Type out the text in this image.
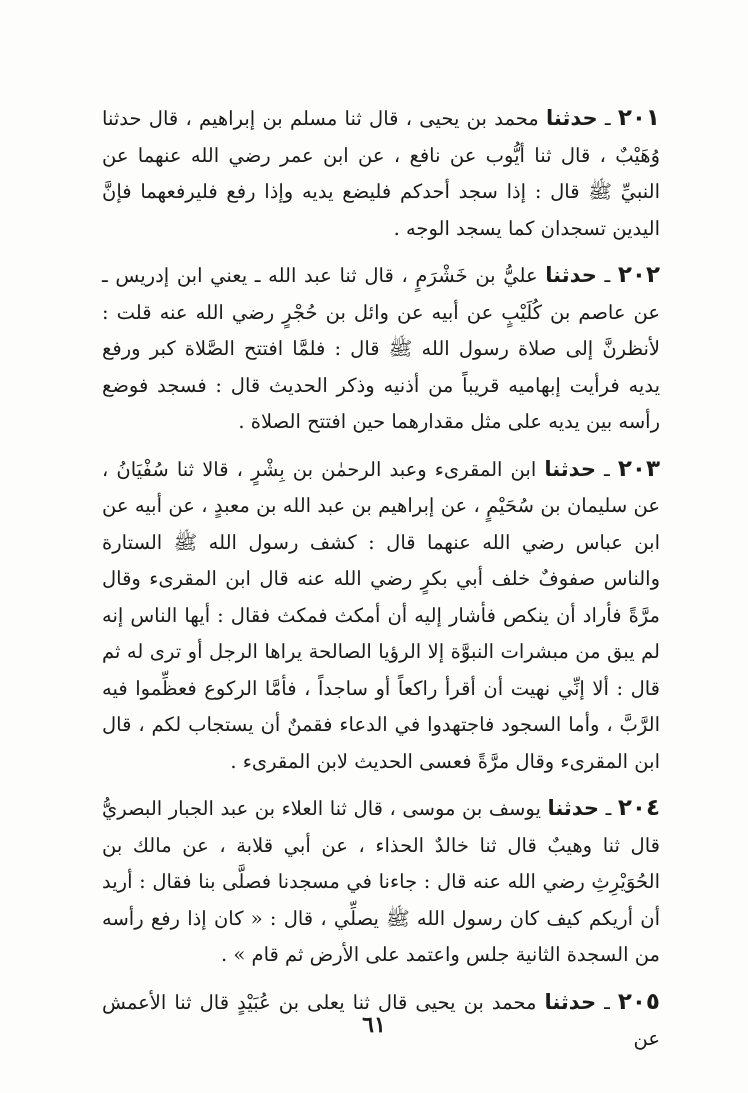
٢٠١ ـ حدثنا محمد بن يحيى ، قال ثنا مسلم بن إبراهيم ، قال حدثنا وُهَيْبٌ ، قال ثنا أيُّوب عن نافع ، عن ابن عمر رضي الله عنهما عن النبيِّ ﷺ قال : إذا سجد أحدكم فليضع يديه وإذا رفع فليرفعهما فإنَّ اليدين تسجدان كما يسجد الوجه .

٢٠٢ ـ حدثنا عليُّ بن خَشْرَمٍ ، قال ثنا عبد الله ـ يعني ابن إدريس ـ عن عاصم بن كُلَيْبٍ عن أبيه عن وائل بن حُجْرٍ رضي الله عنه قلت : لأنظرنَّ إلى صلاة رسول الله ﷺ قال : فلمَّا افتتح الصَّلاة كبر ورفع يديه فرأيت إبهاميه قريباً من أذنيه وذكر الحديث قال : فسجد فوضع رأسه بين يديه على مثل مقدارهما حين افتتح الصلاة .

٢٠٣ ـ حدثنا ابن المقرىء وعبد الرحمٰن بن بِشْرٍ ، قالا ثنا سُفْيَانُ ، عن سليمان بن سُحَيْمٍ ، عن إبراهيم بن عبد الله بن معبدٍ ، عن أبيه عن ابن عباس رضي الله عنهما قال : كشف رسول الله ﷺ الستارة والناس صفوفٌ خلف أبي بكرٍ رضي الله عنه قال ابن المقرىء وقال مرَّةً فأراد أن ينكص فأشار إليه أن أمكث فمكث فقال : أيها الناس إنه لم يبق من مبشرات النبوَّة إلا الرؤيا الصالحة يراها الرجل أو ترى له ثم قال : ألا إنِّي نهيت أن أقرأ راكعاً أو ساجداً ، فأمَّا الركوع فعظِّموا فيه الرَّبَّ ، وأما السجود فاجتهدوا في الدعاء فقمنٌ أن يستجاب لكم ، قال ابن المقرىء وقال مرَّةً فعسى الحديث لابن المقرىء .

٢٠٤ ـ حدثنا يوسف بن موسى ، قال ثنا العلاء بن عبد الجبار البصريُّ قال ثنا وهيبٌ قال ثنا خالدٌ الحذاء ، عن أبي قلابة ، عن مالك بن الحُوَيْرِثِ رضي الله عنه قال : جاءنا في مسجدنا فصلَّى بنا فقال : أريد أن أريكم كيف كان رسول الله ﷺ يصلِّي ، قال : « كان إذا رفع رأسه من السجدة الثانية جلس واعتمد على الأرض ثم قام » .

٢٠٥ ـ حدثنا محمد بن يحيى قال ثنا يعلى بن عُبَيْدٍ قال ثنا الأعمش عن

٦١
